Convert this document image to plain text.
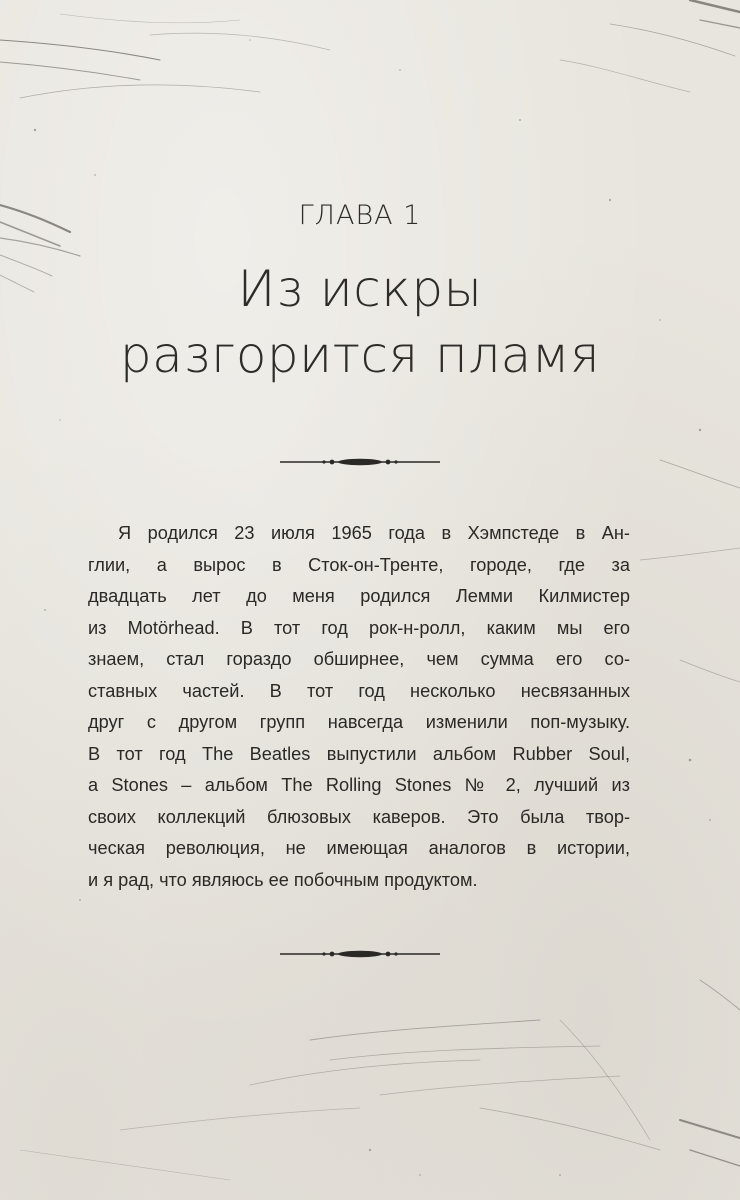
ГЛАВА 1
Из искры
разгорится пламя
Я родился 23 июля 1965 года в Хэмпстеде в Ан-
глии, а вырос в Сток-он-Тренте, городе, где за
двадцать лет до меня родился Лемми Килмистер
из Motörhead. В тот год рок-н-ролл, каким мы его
знаем, стал гораздо обширнее, чем сумма его со-
ставных частей. В тот год несколько несвязанных
друг с другом групп навсегда изменили поп-музыку.
В тот год The Beatles выпустили альбом Rubber Soul,
а Stones – альбом The Rolling Stones № 2, лучший из
своих коллекций блюзовых каверов. Это была твор-
ческая революция, не имеющая аналогов в истории,
и я рад, что являюсь ее побочным продуктом.
